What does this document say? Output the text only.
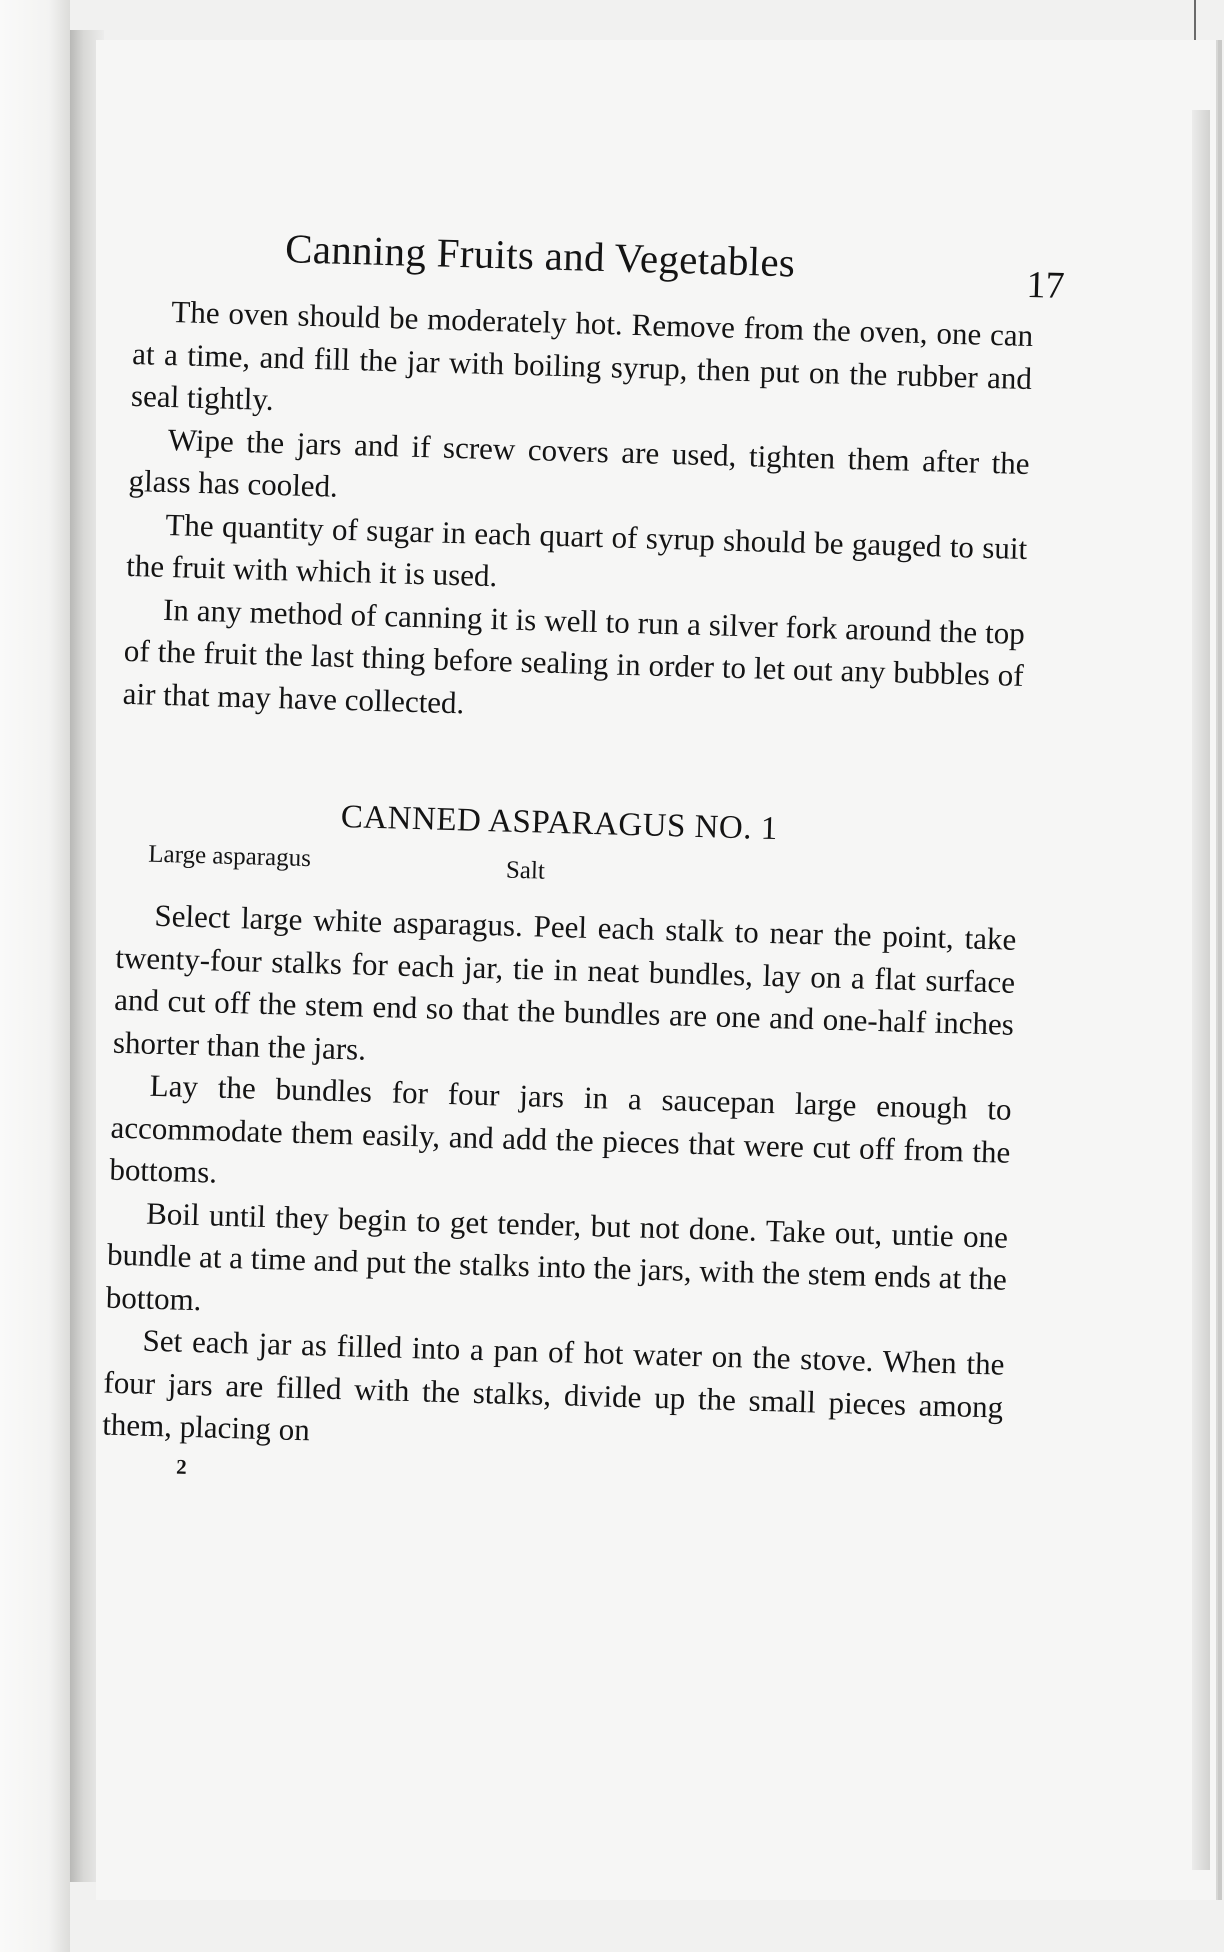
Canning Fruits and Vegetables
17

The oven should be moderately hot. Remove from the oven, one can at a time, and fill the jar with boiling syrup, then put on the rubber and seal tightly.

Wipe the jars and if screw covers are used, tighten them after the glass has cooled.

The quantity of sugar in each quart of syrup should be gauged to suit the fruit with which it is used.

In any method of canning it is well to run a silver fork around the top of the fruit the last thing before sealing in order to let out any bubbles of air that may have collected.

CANNED ASPARAGUS NO. 1
Large asparagus	Salt

Select large white asparagus. Peel each stalk to near the point, take twenty-four stalks for each jar, tie in neat bundles, lay on a flat surface and cut off the stem end so that the bundles are one and one-half inches shorter than the jars.

Lay the bundles for four jars in a saucepan large enough to accommodate them easily, and add the pieces that were cut off from the bottoms.

Boil until they begin to get tender, but not done. Take out, untie one bundle at a time and put the stalks into the jars, with the stem ends at the bottom.

Set each jar as filled into a pan of hot water on the stove. When the four jars are filled with the stalks, divide up the small pieces among them, placing on

2
